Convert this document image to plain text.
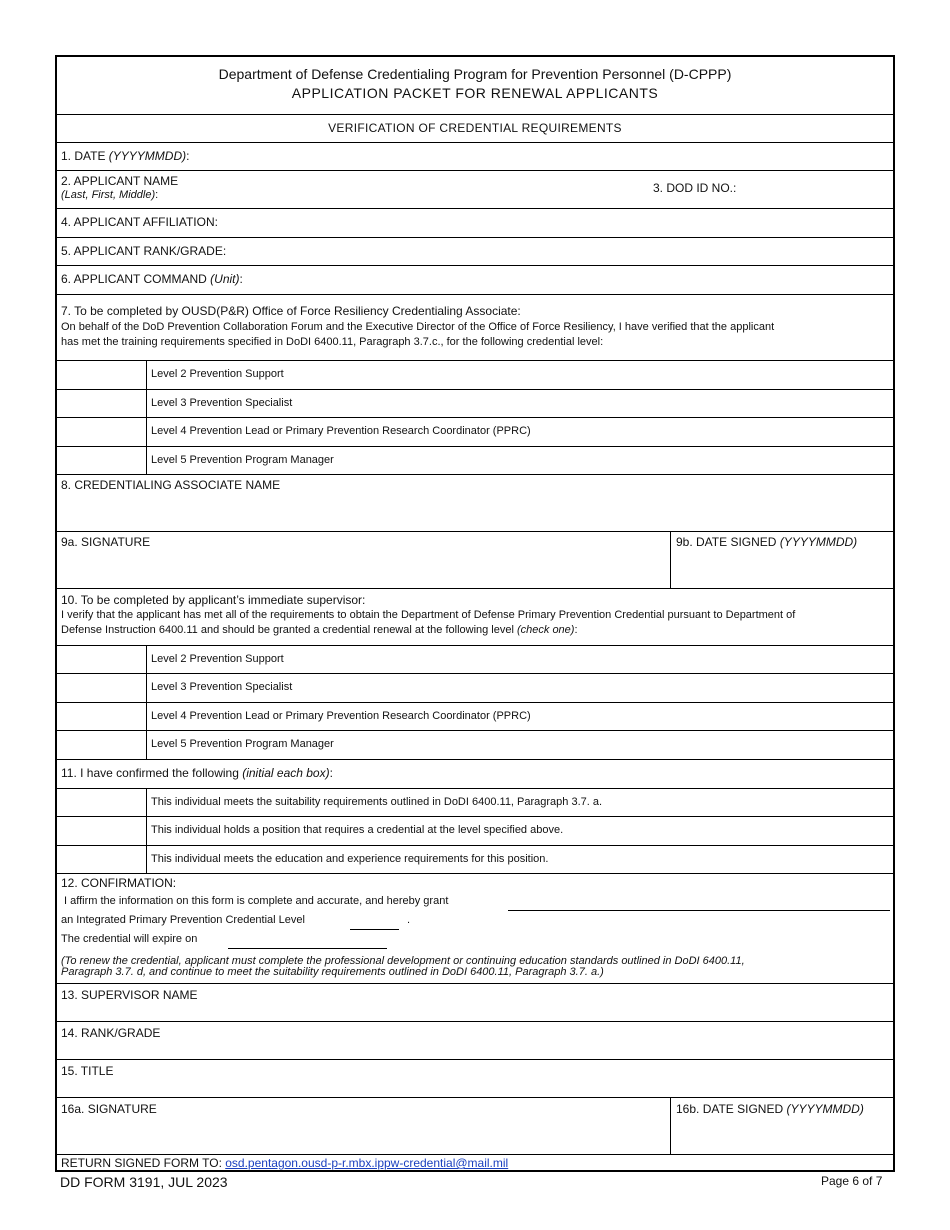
Department of Defense Credentialing Program for Prevention Personnel (D-CPPP)
APPLICATION PACKET FOR RENEWAL APPLICANTS
VERIFICATION OF CREDENTIAL REQUIREMENTS
1. DATE (YYYYMMDD):
2. APPLICANT NAME
(Last, First, Middle):	3. DOD ID NO.:
4. APPLICANT AFFILIATION:
5. APPLICANT RANK/GRADE:
6. APPLICANT COMMAND (Unit):
7. To be completed by OUSD(P&R) Office of Force Resiliency Credentialing Associate:
On behalf of the DoD Prevention Collaboration Forum and the Executive Director of the Office of Force Resiliency, I have verified that the applicant
has met the training requirements specified in DoDI 6400.11, Paragraph 3.7.c., for the following credential level:
Level 2 Prevention Support
Level 3 Prevention Specialist
Level 4 Prevention Lead or Primary Prevention Research Coordinator (PPRC)
Level 5 Prevention Program Manager
8. CREDENTIALING ASSOCIATE NAME
9a. SIGNATURE	9b. DATE SIGNED (YYYYMMDD)
10. To be completed by applicant’s immediate supervisor:
I verify that the applicant has met all of the requirements to obtain the Department of Defense Primary Prevention Credential pursuant to Department of
Defense Instruction 6400.11 and should be granted a credential renewal at the following level (check one):
Level 2 Prevention Support
Level 3 Prevention Specialist
Level 4 Prevention Lead or Primary Prevention Research Coordinator (PPRC)
Level 5 Prevention Program Manager
11. I have confirmed the following (initial each box):
This individual meets the suitability requirements outlined in DoDI 6400.11, Paragraph 3.7. a.
This individual holds a position that requires a credential at the level specified above.
This individual meets the education and experience requirements for this position.
12. CONFIRMATION:
I affirm the information on this form is complete and accurate, and hereby grant
an Integrated Primary Prevention Credential Level	.
The credential will expire on
(To renew the credential, applicant must complete the professional development or continuing education standards outlined in DoDI 6400.11,
Paragraph 3.7. d, and continue to meet the suitability requirements outlined in DoDI 6400.11, Paragraph 3.7. a.)
13. SUPERVISOR NAME
14. RANK/GRADE
15. TITLE
16a. SIGNATURE	16b. DATE SIGNED (YYYYMMDD)
RETURN SIGNED FORM TO: osd.pentagon.ousd-p-r.mbx.ippw-credential@mail.mil
DD FORM 3191, JUL 2023	Page 6 of 7
